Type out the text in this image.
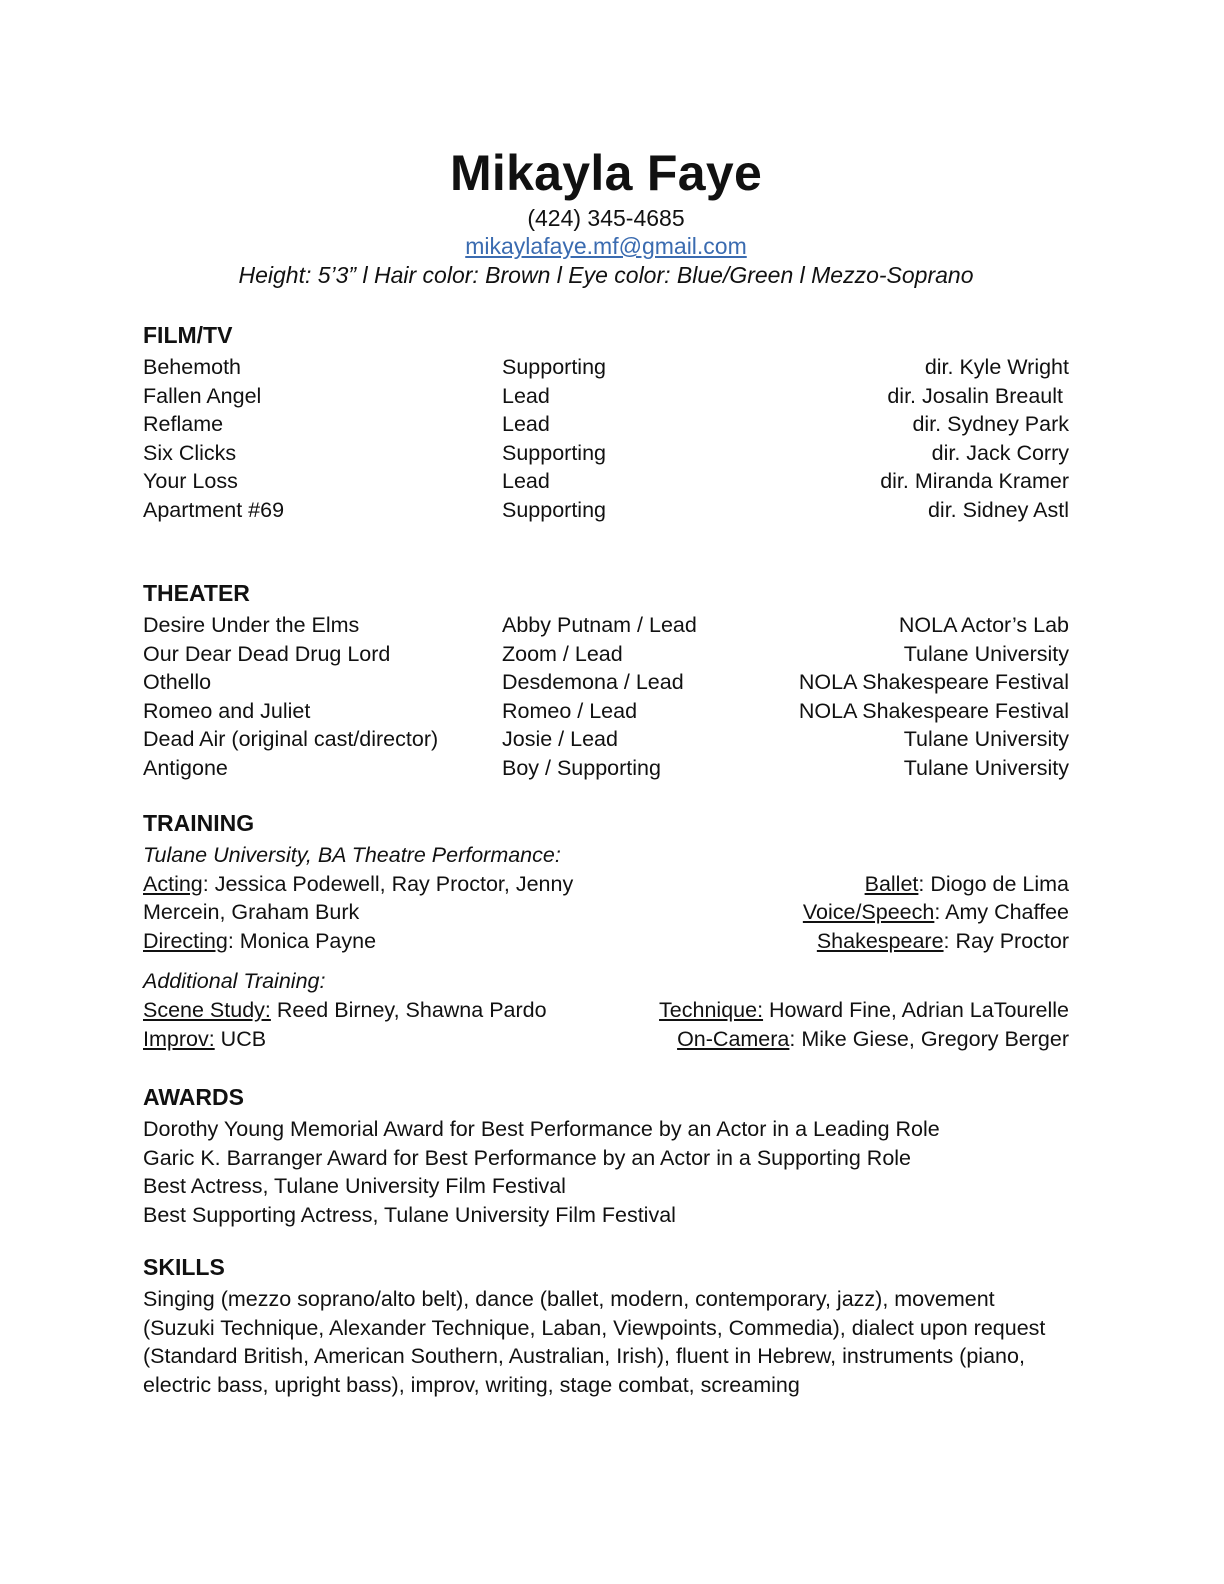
Mikayla Faye
(424) 345-4685
mikaylafaye.mf@gmail.com
Height: 5’3” l Hair color: Brown l Eye color: Blue/Green l Mezzo-Soprano
FILM/TV
Behemoth	Supporting	dir. Kyle Wright
Fallen Angel	Lead	dir. Josalin Breault
Reflame	Lead	dir. Sydney Park
Six Clicks	Supporting	dir. Jack Corry
Your Loss	Lead	dir. Miranda Kramer
Apartment #69	Supporting	dir. Sidney Astl
THEATER
Desire Under the Elms	Abby Putnam / Lead	NOLA Actor’s Lab
Our Dear Dead Drug Lord	Zoom / Lead	Tulane University
Othello	Desdemona / Lead	NOLA Shakespeare Festival
Romeo and Juliet	Romeo / Lead	NOLA Shakespeare Festival
Dead Air (original cast/director)	Josie / Lead	Tulane University
Antigone	Boy / Supporting	Tulane University
TRAINING
Tulane University, BA Theatre Performance:
Acting: Jessica Podewell, Ray Proctor, Jenny	Ballet: Diogo de Lima
Mercein, Graham Burk	Voice/Speech: Amy Chaffee
Directing: Monica Payne	Shakespeare: Ray Proctor
Additional Training:
Scene Study: Reed Birney, Shawna Pardo	Technique: Howard Fine, Adrian LaTourelle
Improv: UCB	On-Camera: Mike Giese, Gregory Berger
AWARDS
Dorothy Young Memorial Award for Best Performance by an Actor in a Leading Role
Garic K. Barranger Award for Best Performance by an Actor in a Supporting Role
Best Actress, Tulane University Film Festival
Best Supporting Actress, Tulane University Film Festival
SKILLS
Singing (mezzo soprano/alto belt), dance (ballet, modern, contemporary, jazz), movement
(Suzuki Technique, Alexander Technique, Laban, Viewpoints, Commedia), dialect upon request
(Standard British, American Southern, Australian, Irish), fluent in Hebrew, instruments (piano,
electric bass, upright bass), improv, writing, stage combat, screaming
